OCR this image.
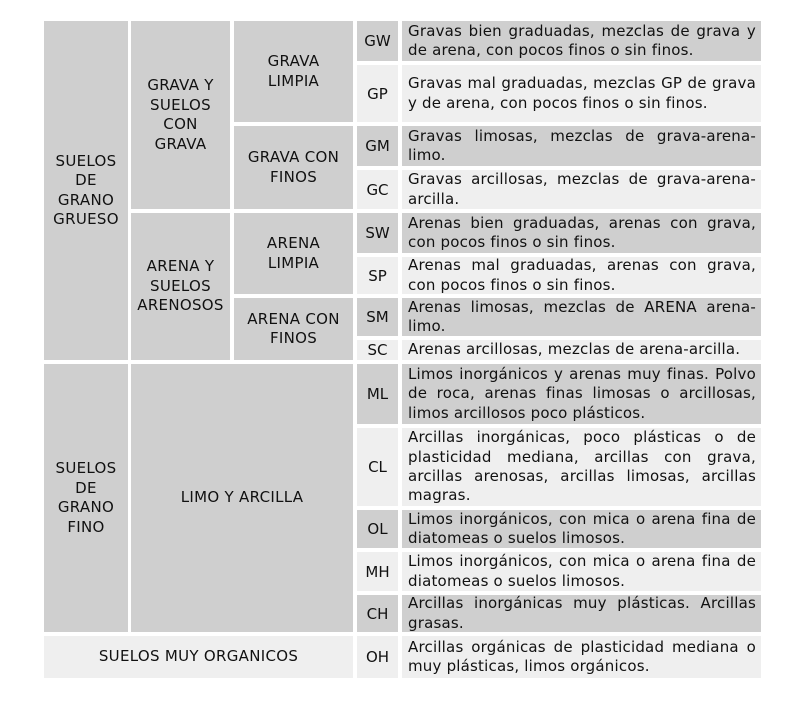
SUELOS
DE
GRANO
GRUESO
SUELOS
DE
GRANO
FINO
SUELOS MUY ORGANICOS
GRAVA Y
SUELOS
CON
GRAVA
ARENA Y
SUELOS
ARENOSOS
LIMO Y ARCILLA
GRAVA
LIMPIA
GRAVA CON
FINOS
ARENA
LIMPIA
ARENA CON
FINOS
GW
Gravas bien graduadas, mezclas de grava y de arena, con pocos finos o sin finos.
GP
Gravas mal graduadas, mezclas GP de grava y de arena, con pocos finos o sin finos.
GM
Gravas limosas, mezclas de grava-arena-limo.
GC
Gravas arcillosas, mezclas de grava-arena-arcilla.
SW
Arenas bien graduadas, arenas con grava, con pocos finos o sin finos.
SP
Arenas mal graduadas, arenas con grava, con pocos finos o sin finos.
SM
Arenas limosas, mezclas de ARENA arena-limo.
SC	Arenas arcillosas, mezclas de arena-arcilla.
ML
Limos inorgánicos y arenas muy finas. Polvo de roca, arenas finas limosas o arcillosas, limos arcillosos poco plásticos.
CL
Arcillas inorgánicas, poco plásticas o de plasticidad mediana, arcillas con grava, arcillas arenosas, arcillas limosas, arcillas magras.
OL
Limos inorgánicos, con mica o arena fina de diatomeas o suelos limosos.
MH
Limos inorgánicos, con mica o arena fina de diatomeas o suelos limosos.
CH
Arcillas inorgánicas muy plásticas. Arcillas grasas.
OH
Arcillas orgánicas de plasticidad mediana o muy plásticas, limos orgánicos.
